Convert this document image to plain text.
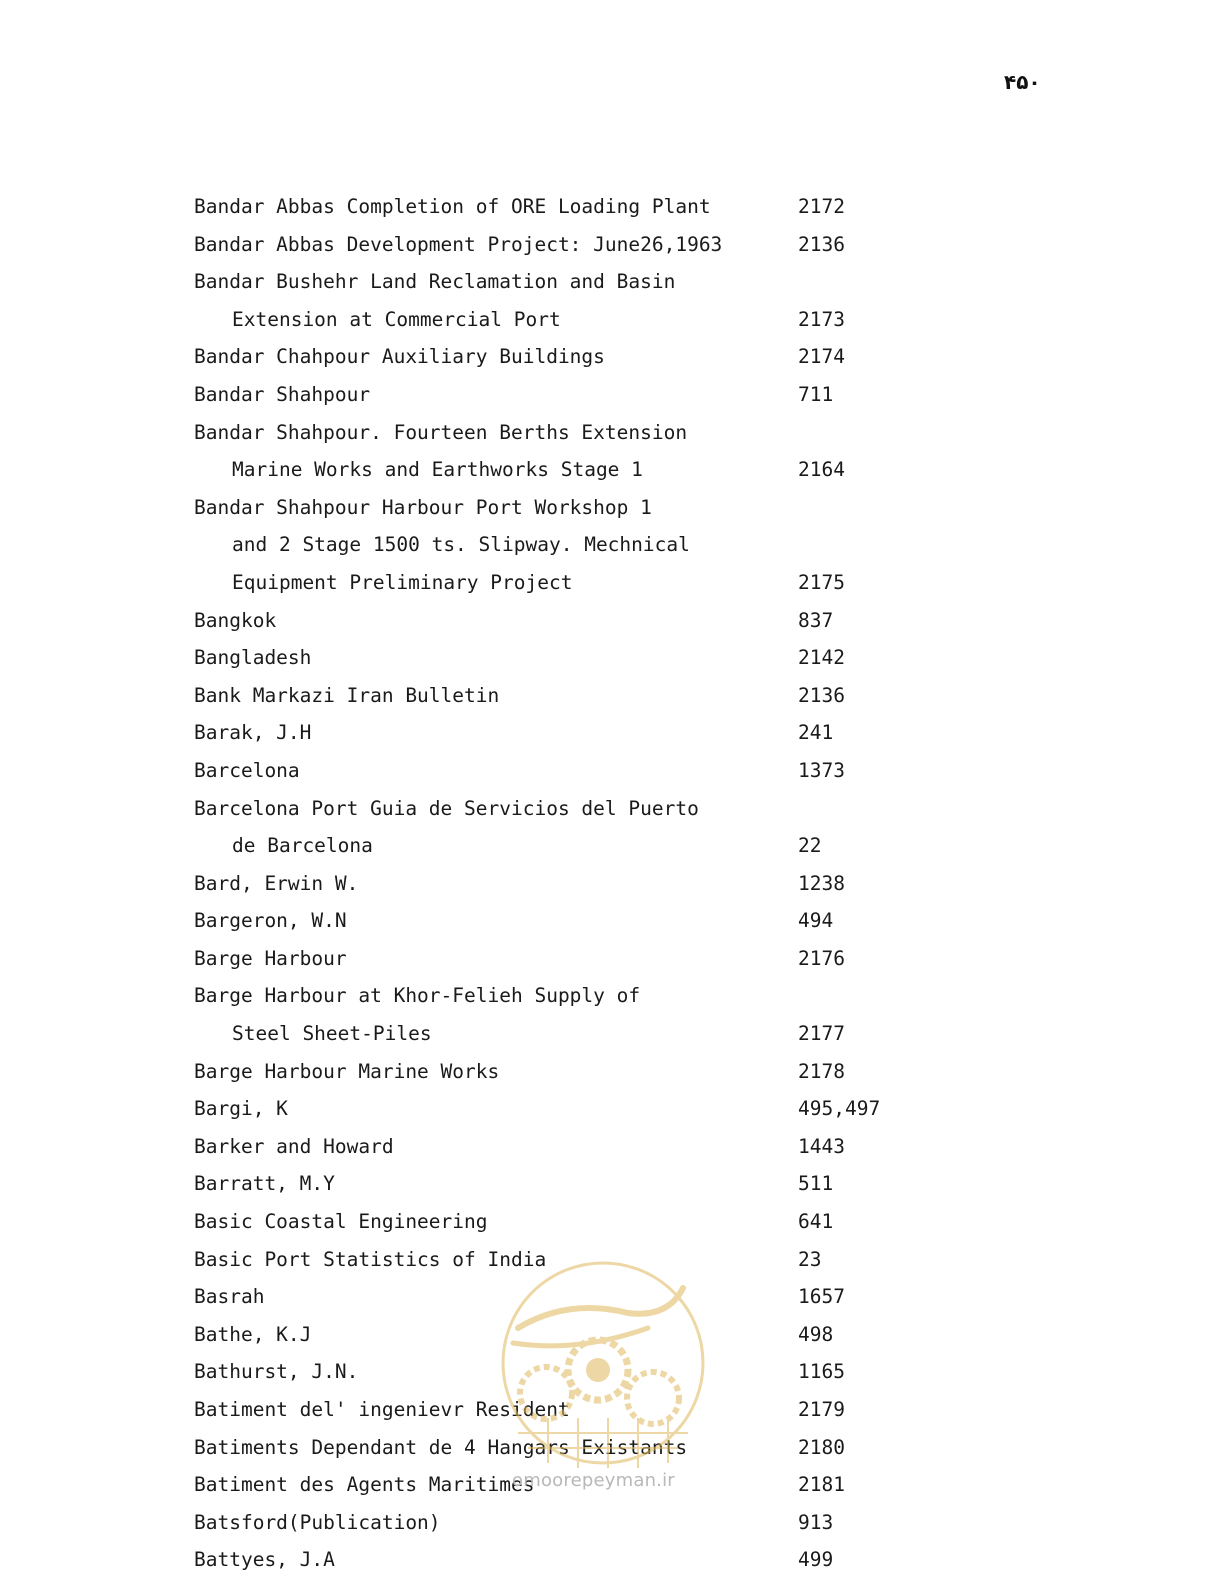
۴۵۰
Bandar Abbas Completion of ORE Loading Plant	2172
Bandar Abbas Development Project: June26,1963	2136
Bandar Bushehr Land Reclamation and Basin
Extension at Commercial Port	2173
Bandar Chahpour Auxiliary Buildings	2174
Bandar Shahpour	711
Bandar Shahpour. Fourteen Berths Extension
Marine Works and Earthworks Stage 1	2164
Bandar Shahpour Harbour Port Workshop 1
and 2 Stage 1500 ts. Slipway. Mechnical
Equipment Preliminary Project	2175
Bangkok	837
Bangladesh	2142
Bank Markazi Iran Bulletin	2136
Barak, J.H	241
Barcelona	1373
Barcelona Port Guia de Servicios del Puerto
de Barcelona	22
Bard, Erwin W.	1238
Bargeron, W.N	494
Barge Harbour	2176
Barge Harbour at Khor-Felieh Supply of
Steel Sheet-Piles	2177
Barge Harbour Marine Works	2178
Bargi, K	495,497
Barker and Howard	1443
Barratt, M.Y	511
Basic Coastal Engineering	641
Basic Port Statistics of India	23
Basrah	1657
Bathe, K.J	498
Bathurst, J.N.	1165
Batiment del' ingenievr Resident	2179
Batiments Dependant de 4 Hangars Existants	2180
Batiment des Agents Maritimes	2181
Batsford(Publication)	913
Battyes, J.A	499
omoorepeyman.ir
